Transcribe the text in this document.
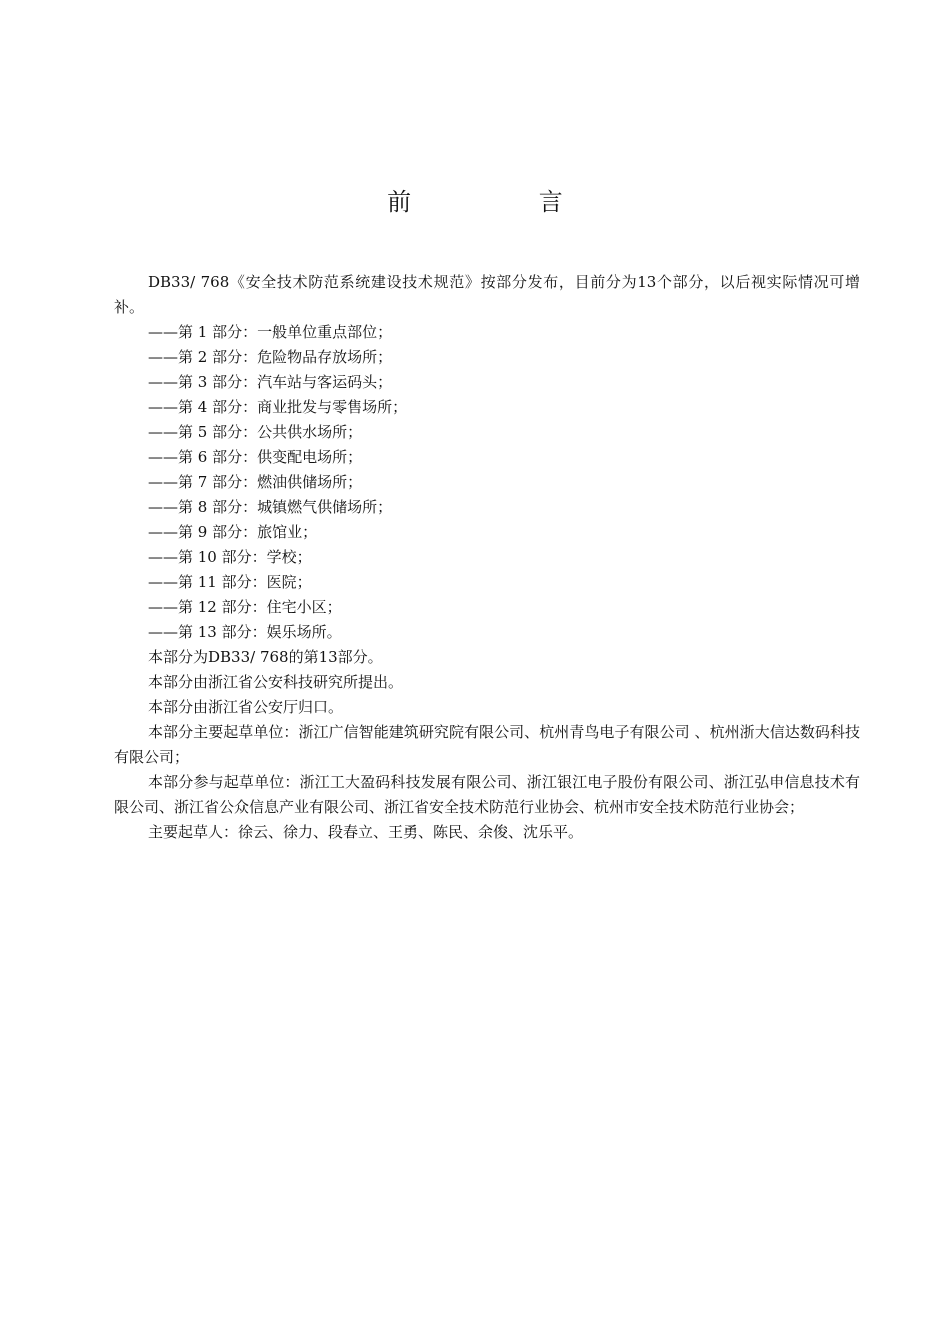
前 言

DB33/ 768《安全技术防范系统建设技术规范》按部分发布，目前分为13个部分，以后视实际情况可增补。

——第 1 部分：一般单位重点部位；

——第 2 部分：危险物品存放场所；

——第 3 部分：汽车站与客运码头；

——第 4 部分：商业批发与零售场所；

——第 5 部分：公共供水场所；

——第 6 部分：供变配电场所；

——第 7 部分：燃油供储场所；

——第 8 部分：城镇燃气供储场所；

——第 9 部分：旅馆业；

——第 10 部分：学校；

——第 11 部分：医院；

——第 12 部分：住宅小区；

——第 13 部分：娱乐场所。

本部分为DB33/ 768的第13部分。

本部分由浙江省公安科技研究所提出。

本部分由浙江省公安厅归口。

本部分主要起草单位：浙江广信智能建筑研究院有限公司、杭州青鸟电子有限公司 、杭州浙大信达数码科技有限公司；

本部分参与起草单位：浙江工大盈码科技发展有限公司、浙江银江电子股份有限公司、浙江弘申信息技术有限公司、浙江省公众信息产业有限公司、浙江省安全技术防范行业协会、杭州市安全技术防范行业协会；

主要起草人：徐云、徐力、段春立、王勇、陈民、余俊、沈乐平。
